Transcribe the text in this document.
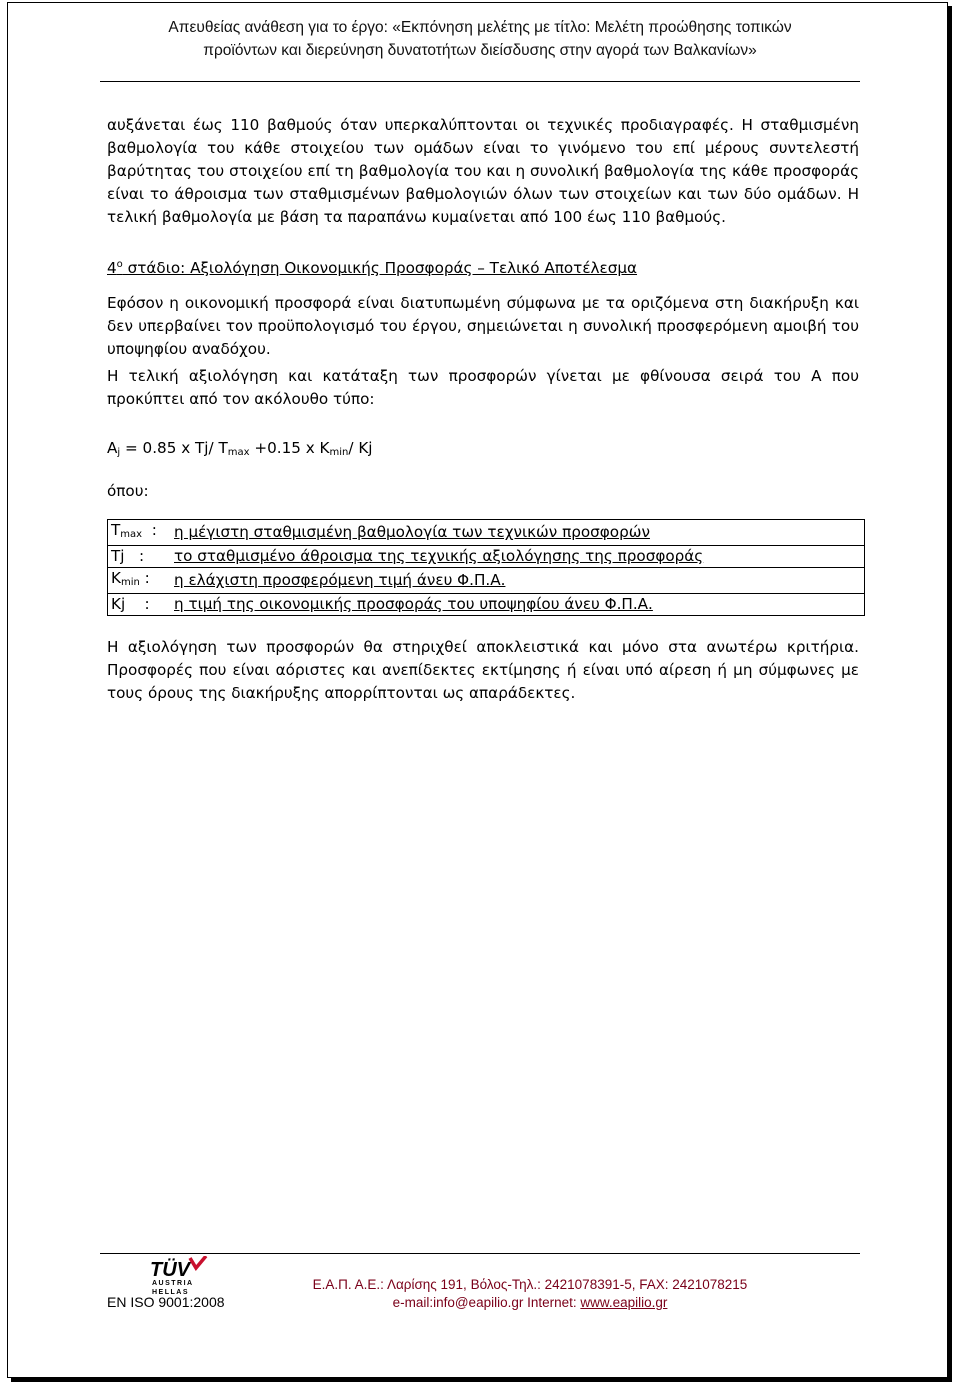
Απευθείας ανάθεση για το έργο: «Εκπόνηση μελέτης με τίτλο: Μελέτη προώθησης τοπικών
προϊόντων και διερεύνηση δυνατοτήτων διείσδυσης στην αγορά των Βαλκανίων»

αυξάνεται έως 110 βαθμούς όταν υπερκαλύπτονται οι τεχνικές προδιαγραφές. Η σταθμισμένη βαθμολογία του κάθε στοιχείου των ομάδων είναι το γινόμενο του επί μέρους συντελεστή βαρύτητας του στοιχείου επί τη βαθμολογία του και η συνολική βαθμολογία της κάθε προσφοράς είναι το άθροισμα των σταθμισμένων βαθμολογιών όλων των στοιχείων και των δύο ομάδων. Η τελική βαθμολογία με βάση τα παραπάνω κυμαίνεται από 100 έως 110 βαθμούς.

$4^o$ στάδιο: Αξιολόγηση Οικονομικής Προσφοράς – Τελικό Αποτέλεσμα

Εφόσον η οικονομική προσφορά είναι διατυπωμένη σύμφωνα με τα οριζόμενα στη διακήρυξη και δεν υπερβαίνει τον προϋπολογισμό του έργου, σημειώνεται η συνολική προσφερόμενη αμοιβή του υποψηφίου αναδόχου.

Η τελική αξιολόγηση και κατάταξη των προσφορών γίνεται με φθίνουσα σειρά του A που προκύπτει από τον ακόλουθο τύπο:

$A_j = 0.85$ x Tj/ $T_{max} +0.15$ x $K_{min}/$ Kj

όπου:

$T_{max}$  :	η μέγιστη σταθμισμένη βαθμολογία των τεχνικών προσφορών
Tj   :	το σταθμισμένο άθροισμα της τεχνικής αξιολόγησης της προσφοράς
$K_{min}$ :	η ελάχιστη προσφερόμενη τιμή άνευ Φ.Π.Α.
Kj    :	η τιμή της οικονομικής προσφοράς του υποψηφίου άνευ Φ.Π.Α.

Η αξιολόγηση των προσφορών θα στηριχθεί αποκλειστικά και μόνο στα ανωτέρω κριτήρια. Προσφορές που είναι αόριστες και ανεπίδεκτες εκτίμησης ή είναι υπό αίρεση ή μη σύμφωνες με τους όρους της διακήρυξης απορρίπτονται ως απαράδεκτες.

TÜV
AUSTRIA
HELLAS
EN ISO 9001:2008
Ε.Α.Π. Α.Ε.: Λαρίσης 191, Βόλος-Τηλ.: 2421078391-5, FAX: 2421078215
e-mail:info@eapilio.gr Internet: www.eapilio.gr
